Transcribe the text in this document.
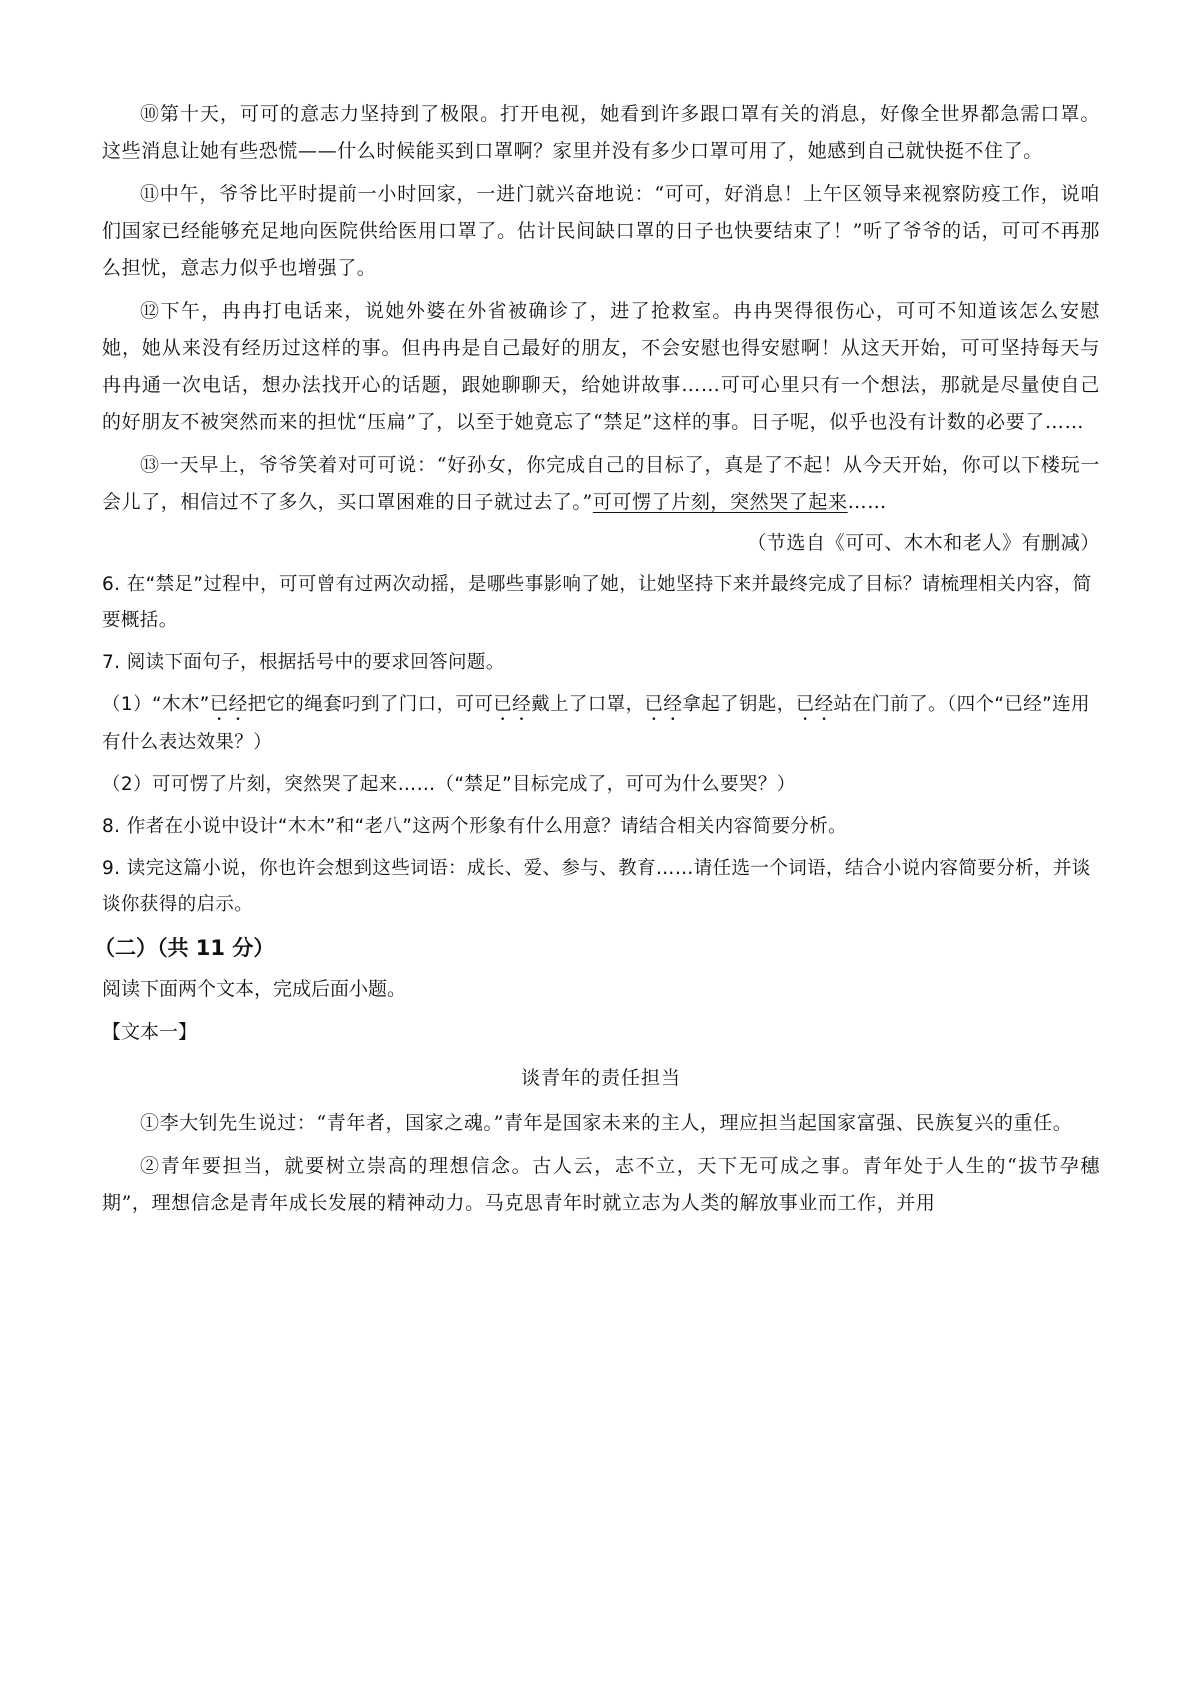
⑩第十天，可可的意志力坚持到了极限。打开电视，她看到许多跟口罩有关的消息，好像全世界都急需口罩。这些消息让她有些恐慌——什么时候能买到口罩啊？家里并没有多少口罩可用了，她感到自己就快挺不住了。

⑪中午，爷爷比平时提前一小时回家，一进门就兴奋地说：“可可，好消息！上午区领导来视察防疫工作，说咱们国家已经能够充足地向医院供给医用口罩了。估计民间缺口罩的日子也快要结束了！”听了爷爷的话，可可不再那么担忧，意志力似乎也增强了。

⑫下午，冉冉打电话来，说她外婆在外省被确诊了，进了抢救室。冉冉哭得很伤心，可可不知道该怎么安慰她，她从来没有经历过这样的事。但冉冉是自己最好的朋友，不会安慰也得安慰啊！从这天开始，可可坚持每天与冉冉通一次电话，想办法找开心的话题，跟她聊聊天，给她讲故事……可可心里只有一个想法，那就是尽量使自己的好朋友不被突然而来的担忧“压扁”了，以至于她竟忘了“禁足”这样的事。日子呢，似乎也没有计数的必要了……

⑬一天早上，爷爷笑着对可可说：“好孙女，你完成自己的目标了，真是了不起！从今天开始，你可以下楼玩一会儿了，相信过不了多久，买口罩困难的日子就过去了。”可可愣了片刻，突然哭了起来……

（节选自《可可、木木和老人》有删减）

6. 在“禁足”过程中，可可曾有过两次动摇，是哪些事影响了她，让她坚持下来并最终完成了目标？请梳理相关内容，简要概括。

7. 阅读下面句子，根据括号中的要求回答问题。

（1）“木木”已经把它的绳套叼到了门口，可可已经戴上了口罩，已经拿起了钥匙，已经站在门前了。（四个“已经”连用有什么表达效果？）

（2）可可愣了片刻，突然哭了起来……（“禁足”目标完成了，可可为什么要哭？）

8. 作者在小说中设计“木木”和“老八”这两个形象有什么用意？请结合相关内容简要分析。

9. 读完这篇小说，你也许会想到这些词语：成长、爱、参与、教育……请任选一个词语，结合小说内容简要分析，并谈谈你获得的启示。

（二）（共 11 分）

阅读下面两个文本，完成后面小题。

【文本一】

谈青年的责任担当

①李大钊先生说过：“青年者，国家之魂。”青年是国家未来的主人，理应担当起国家富强、民族复兴的重任。

②青年要担当，就要树立崇高的理想信念。古人云，志不立，天下无可成之事。青年处于人生的“拔节孕穗期”，理想信念是青年成长发展的精神动力。马克思青年时就立志为人类的解放事业而工作，并用
